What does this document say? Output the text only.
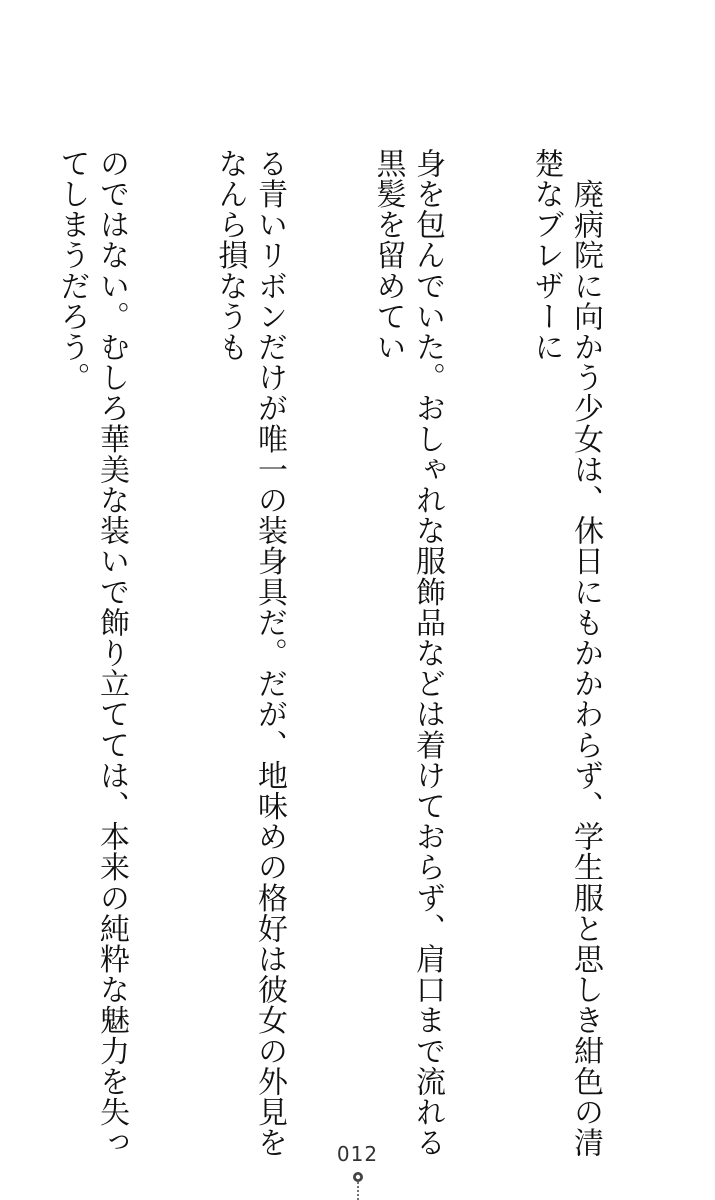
　廃病院に向かう少女は、休日にもかかわらず、学生服と思しき紺色の清楚なブレザーに

身を包んでいた。おしゃれな服飾品などは着けておらず、肩口まで流れる黒髪を留めてい

る青いリボンだけが唯一の装身具だ。だが、地味めの格好は彼女の外見をなんら損なうも

のではない。むしろ華美な装いで飾り立てては、本来の純粋な魅力を失ってしまうだろう。

012
